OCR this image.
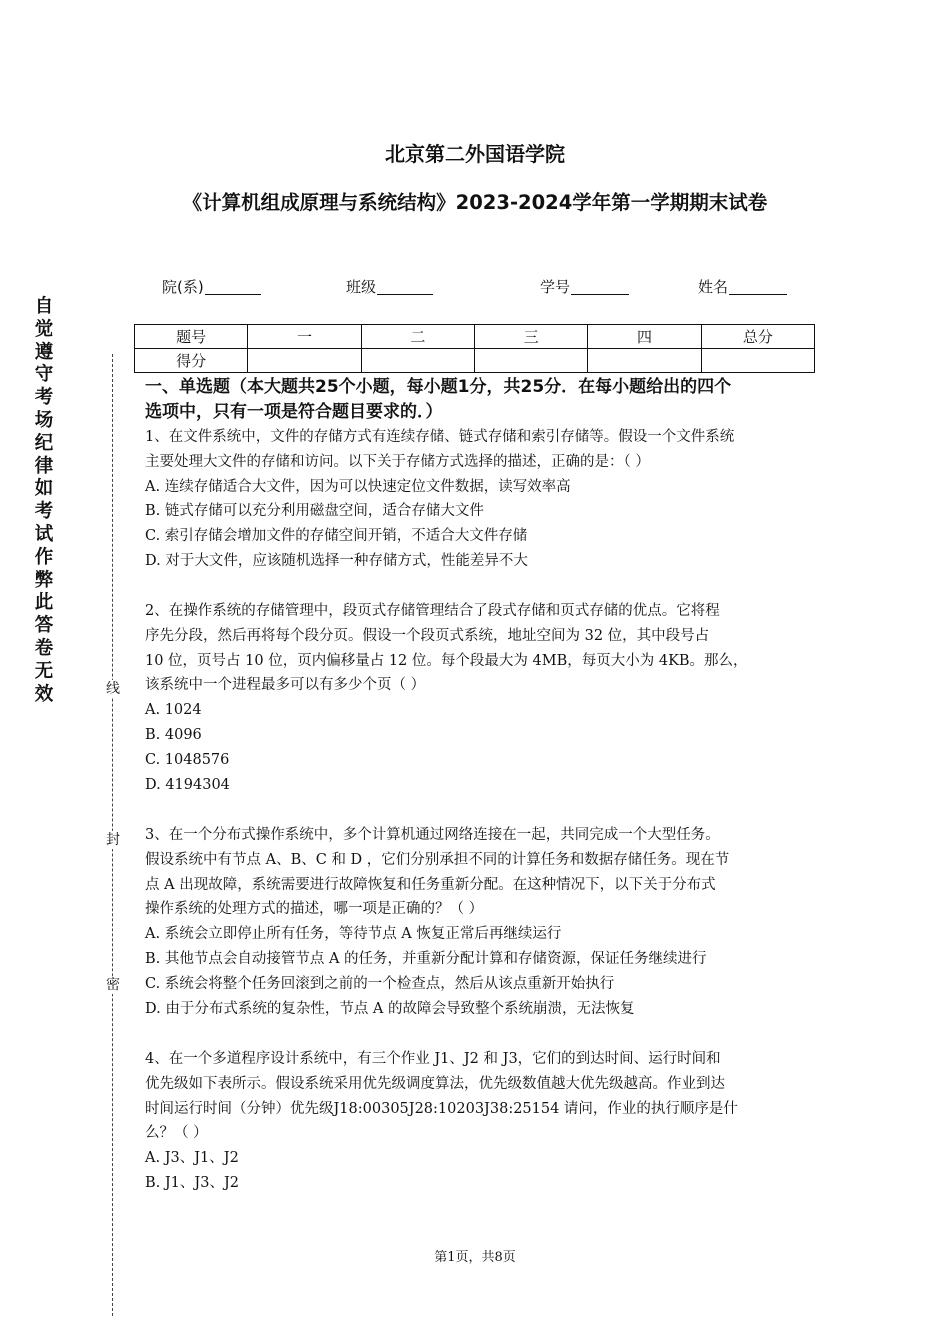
北京第二外国语学院
《计算机组成原理与系统结构》2023-2024学年第一学期期末试卷
院(系)	班级	学号	姓名
题号	一	二	三	四	总分
得分					
自
觉
遵
守
考
场
纪
律
如
考
试
作
弊
此
答
卷
无
效	线
封
密
一、单选题（本大题共25个小题，每小题1分，共25分．在每小题给出的四个
选项中，只有一项是符合题目要求的．）
1、在文件系统中，文件的存储方式有连续存储、链式存储和索引存储等。假设一个文件系统
主要处理大文件的存储和访问。以下关于存储方式选择的描述，正确的是：（ ）
A. 连续存储适合大文件，因为可以快速定位文件数据，读写效率高
B. 链式存储可以充分利用磁盘空间，适合存储大文件
C. 索引存储会增加文件的存储空间开销，不适合大文件存储
D. 对于大文件，应该随机选择一种存储方式，性能差异不大
2、在操作系统的存储管理中，段页式存储管理结合了段式存储和页式存储的优点。它将程
序先分段，然后再将每个段分页。假设一个段页式系统，地址空间为 32 位，其中段号占
10 位，页号占 10 位，页内偏移量占 12 位。每个段最大为 4MB，每页大小为 4KB。那么，
该系统中一个进程最多可以有多少个页（ ）
A. 1024
B. 4096
C. 1048576
D. 4194304
3、在一个分布式操作系统中，多个计算机通过网络连接在一起，共同完成一个大型任务。
假设系统中有节点 A、B、C 和 D ，它们分别承担不同的计算任务和数据存储任务。现在节
点 A 出现故障，系统需要进行故障恢复和任务重新分配。在这种情况下，以下关于分布式
操作系统的处理方式的描述，哪一项是正确的？（ ）
A. 系统会立即停止所有任务，等待节点 A 恢复正常后再继续运行
B. 其他节点会自动接管节点 A 的任务，并重新分配计算和存储资源，保证任务继续进行
C. 系统会将整个任务回滚到之前的一个检查点，然后从该点重新开始执行
D. 由于分布式系统的复杂性，节点 A 的故障会导致整个系统崩溃，无法恢复
4、在一个多道程序设计系统中，有三个作业 J1、J2 和 J3，它们的到达时间、运行时间和
优先级如下表所示。假设系统采用优先级调度算法，优先级数值越大优先级越高。作业到达
时间运行时间（分钟）优先级J18:00305J28:10203J38:25154 请问，作业的执行顺序是什
么？（ ）
A. J3、J1、J2
B. J1、J3、J2
第1页，共8页
